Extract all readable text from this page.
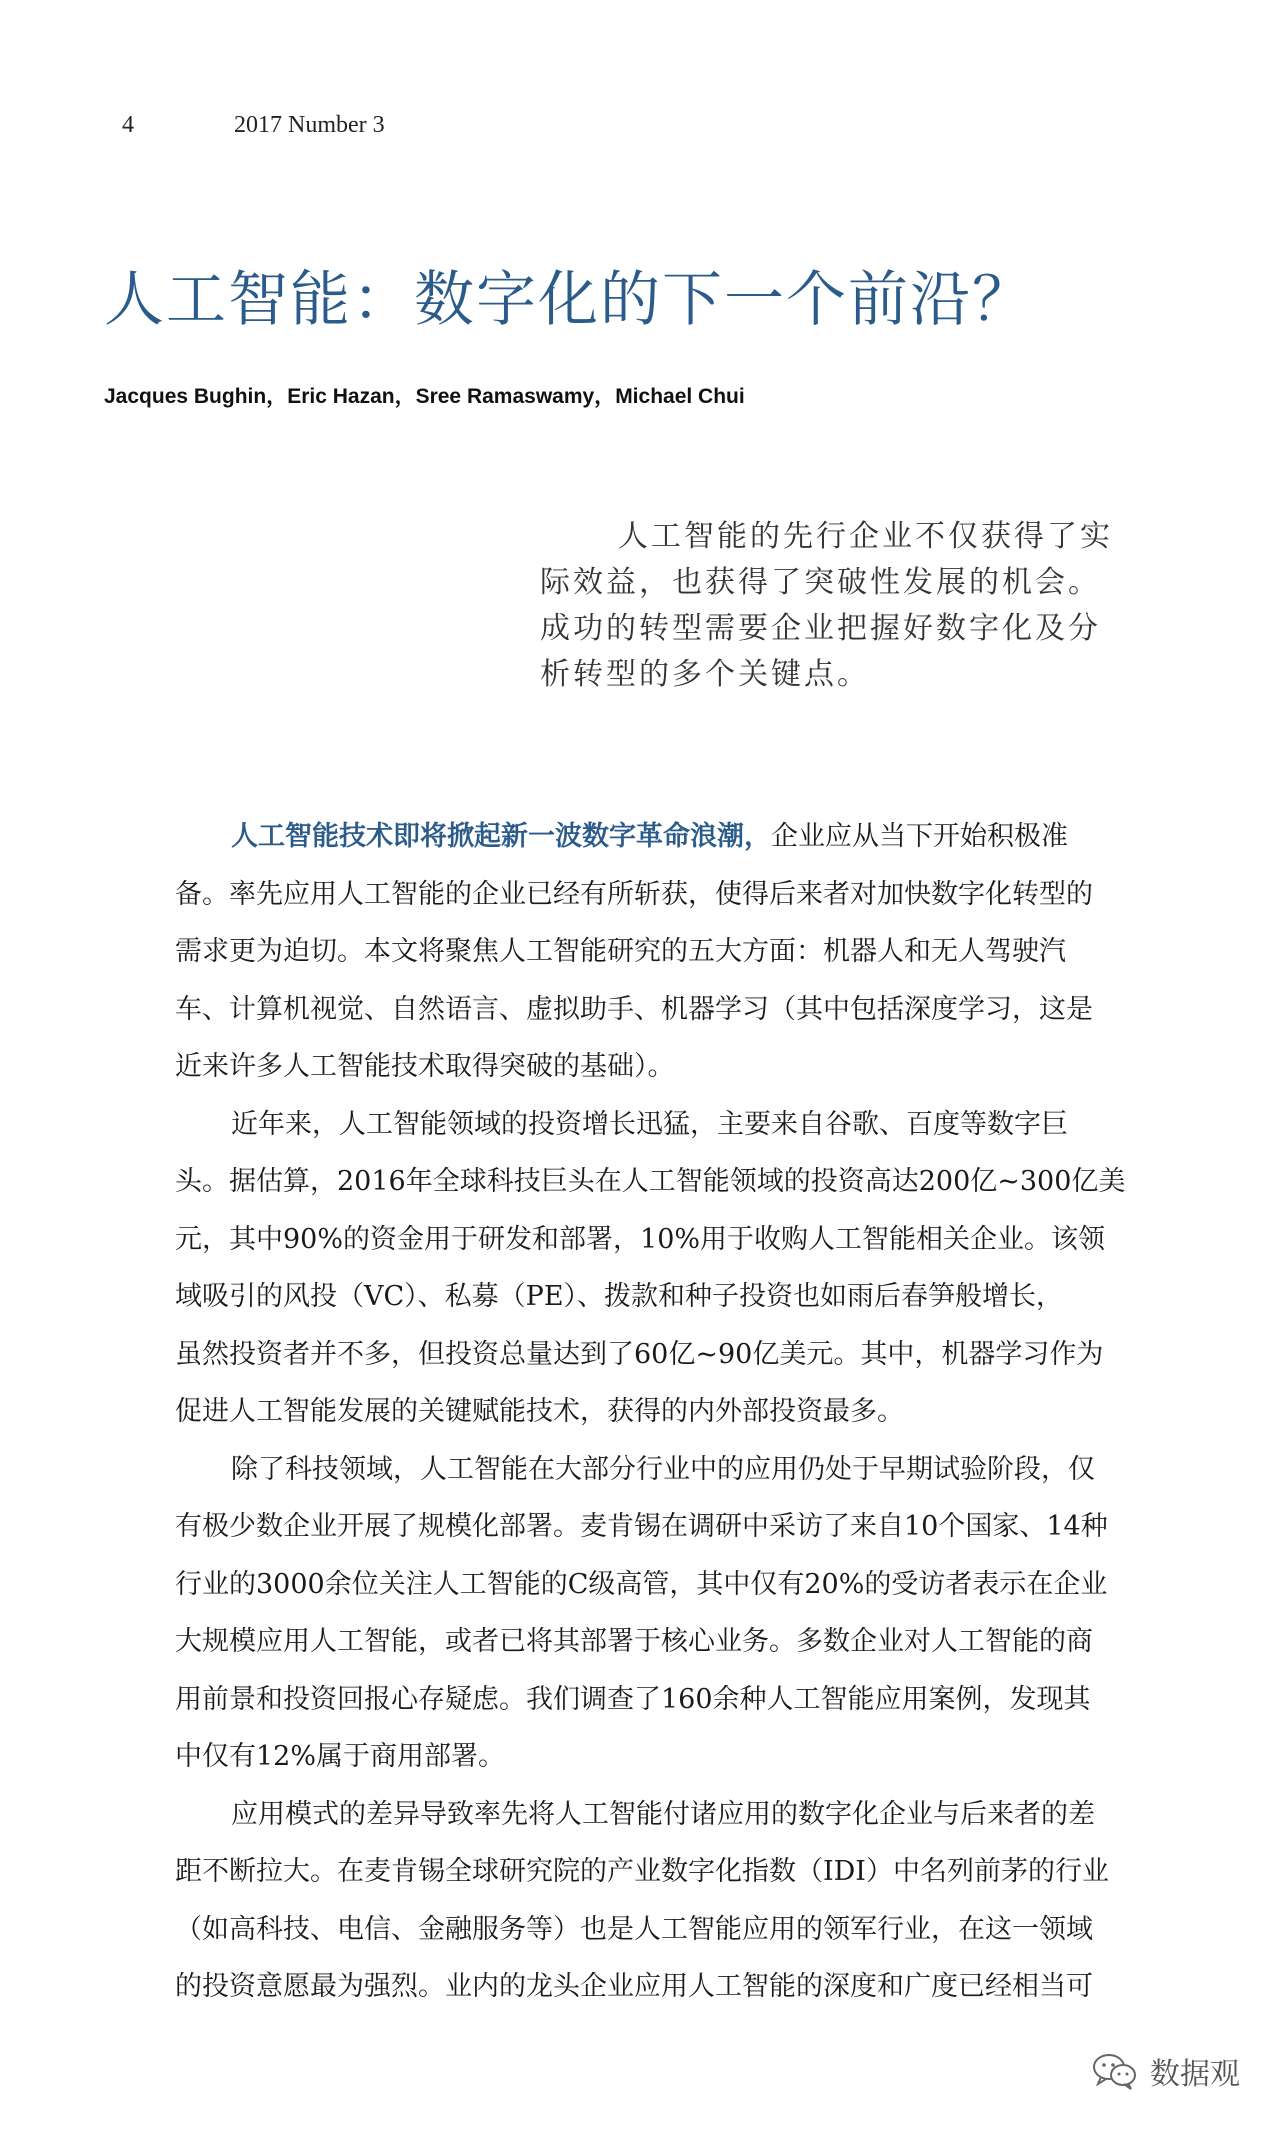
4	2017 Number 3
人工智能：数字化的下一个前沿？
Jacques Bughin，Eric Hazan，Sree Ramaswamy，Michael Chui
人工智能的先行企业不仅获得了实
际效益，也获得了突破性发展的机会。
成功的转型需要企业把握好数字化及分
析转型的多个关键点。
人工智能技术即将掀起新一波数字革命浪潮，企业应从当下开始积极准
备。率先应用人工智能的企业已经有所斩获，使得后来者对加快数字化转型的
需求更为迫切。本文将聚焦人工智能研究的五大方面：机器人和无人驾驶汽
车、计算机视觉、自然语言、虚拟助手、机器学习（其中包括深度学习，这是
近来许多人工智能技术取得突破的基础）。
近年来，人工智能领域的投资增长迅猛，主要来自谷歌、百度等数字巨
头。据估算，2016年全球科技巨头在人工智能领域的投资高达200亿~300亿美
元，其中90%的资金用于研发和部署，10%用于收购人工智能相关企业。该领
域吸引的风投（VC）、私募（PE）、拨款和种子投资也如雨后春笋般增长，
虽然投资者并不多，但投资总量达到了60亿~90亿美元。其中，机器学习作为
促进人工智能发展的关键赋能技术，获得的内外部投资最多。
除了科技领域，人工智能在大部分行业中的应用仍处于早期试验阶段，仅
有极少数企业开展了规模化部署。麦肯锡在调研中采访了来自10个国家、14种
行业的3000余位关注人工智能的C级高管，其中仅有20%的受访者表示在企业
大规模应用人工智能，或者已将其部署于核心业务。多数企业对人工智能的商
用前景和投资回报心存疑虑。我们调查了160余种人工智能应用案例，发现其
中仅有12%属于商用部署。
应用模式的差异导致率先将人工智能付诸应用的数字化企业与后来者的差
距不断拉大。在麦肯锡全球研究院的产业数字化指数（IDI）中名列前茅的行业
（如高科技、电信、金融服务等）也是人工智能应用的领军行业，在这一领域
的投资意愿最为强烈。业内的龙头企业应用人工智能的深度和广度已经相当可
数据观
